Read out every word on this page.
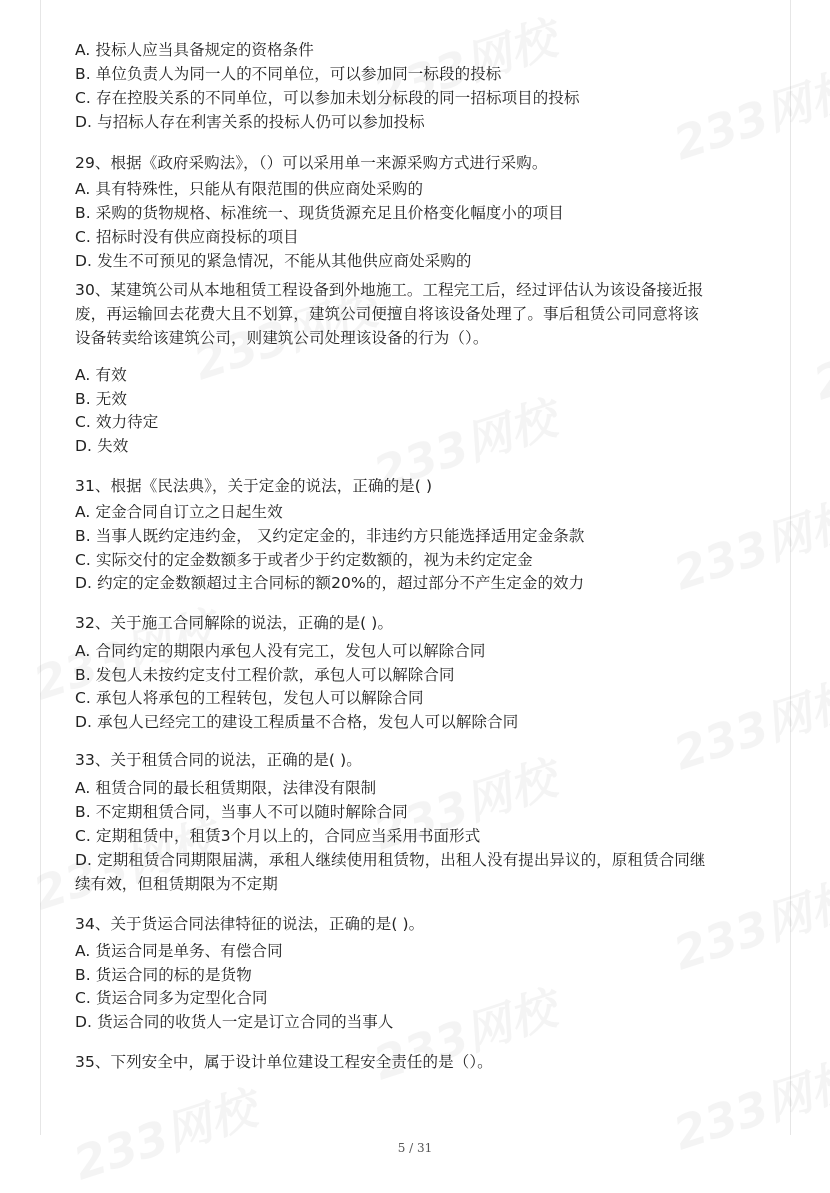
A. 投标人应当具备规定的资格条件
B. 单位负责人为同一人的不同单位，可以参加同一标段的投标
C. 存在控股关系的不同单位，可以参加未划分标段的同一招标项目的投标
D. 与招标人存在利害关系的投标人仍可以参加投标
29、根据《政府采购法》，（）可以采用单一来源采购方式进行采购。
A. 具有特殊性，只能从有限范围的供应商处采购的
B. 采购的货物规格、标准统一、现货货源充足且价格变化幅度小的项目
C. 招标时没有供应商投标的项目
D. 发生不可预见的紧急情况，不能从其他供应商处采购的
30、某建筑公司从本地租赁工程设备到外地施工。工程完工后，经过评估认为该设备接近报
废，再运输回去花费大且不划算，建筑公司便擅自将该设备处理了。事后租赁公司同意将该
设备转卖给该建筑公司，则建筑公司处理该设备的行为（）。
A. 有效
B. 无效
C. 效力待定
D. 失效
31、根据《民法典》，关于定金的说法，正确的是( )
A. 定金合同自订立之日起生效
B. 当事人既约定违约金， 又约定定金的，非违约方只能选择适用定金条款
C. 实际交付的定金数额多于或者少于约定数额的，视为未约定定金
D. 约定的定金数额超过主合同标的额20%的，超过部分不产生定金的效力
32、关于施工合同解除的说法，正确的是( )。
A. 合同约定的期限内承包人没有完工，发包人可以解除合同
B. 发包人未按约定支付工程价款，承包人可以解除合同
C. 承包人将承包的工程转包，发包人可以解除合同
D. 承包人已经完工的建设工程质量不合格，发包人可以解除合同
33、关于租赁合同的说法，正确的是( )。
A. 租赁合同的最长租赁期限，法律没有限制
B. 不定期租赁合同，当事人不可以随时解除合同
C. 定期租赁中，租赁3个月以上的，合同应当采用书面形式
D. 定期租赁合同期限届满，承租人继续使用租赁物，出租人没有提出异议的，原租赁合同继
续有效，但租赁期限为不定期
34、关于货运合同法律特征的说法，正确的是( )。
A. 货运合同是单务、有偿合同
B. 货运合同的标的是货物
C. 货运合同多为定型化合同
D. 货运合同的收货人一定是订立合同的当事人
35、下列安全中，属于设计单位建设工程安全责任的是（）。
5 / 31
